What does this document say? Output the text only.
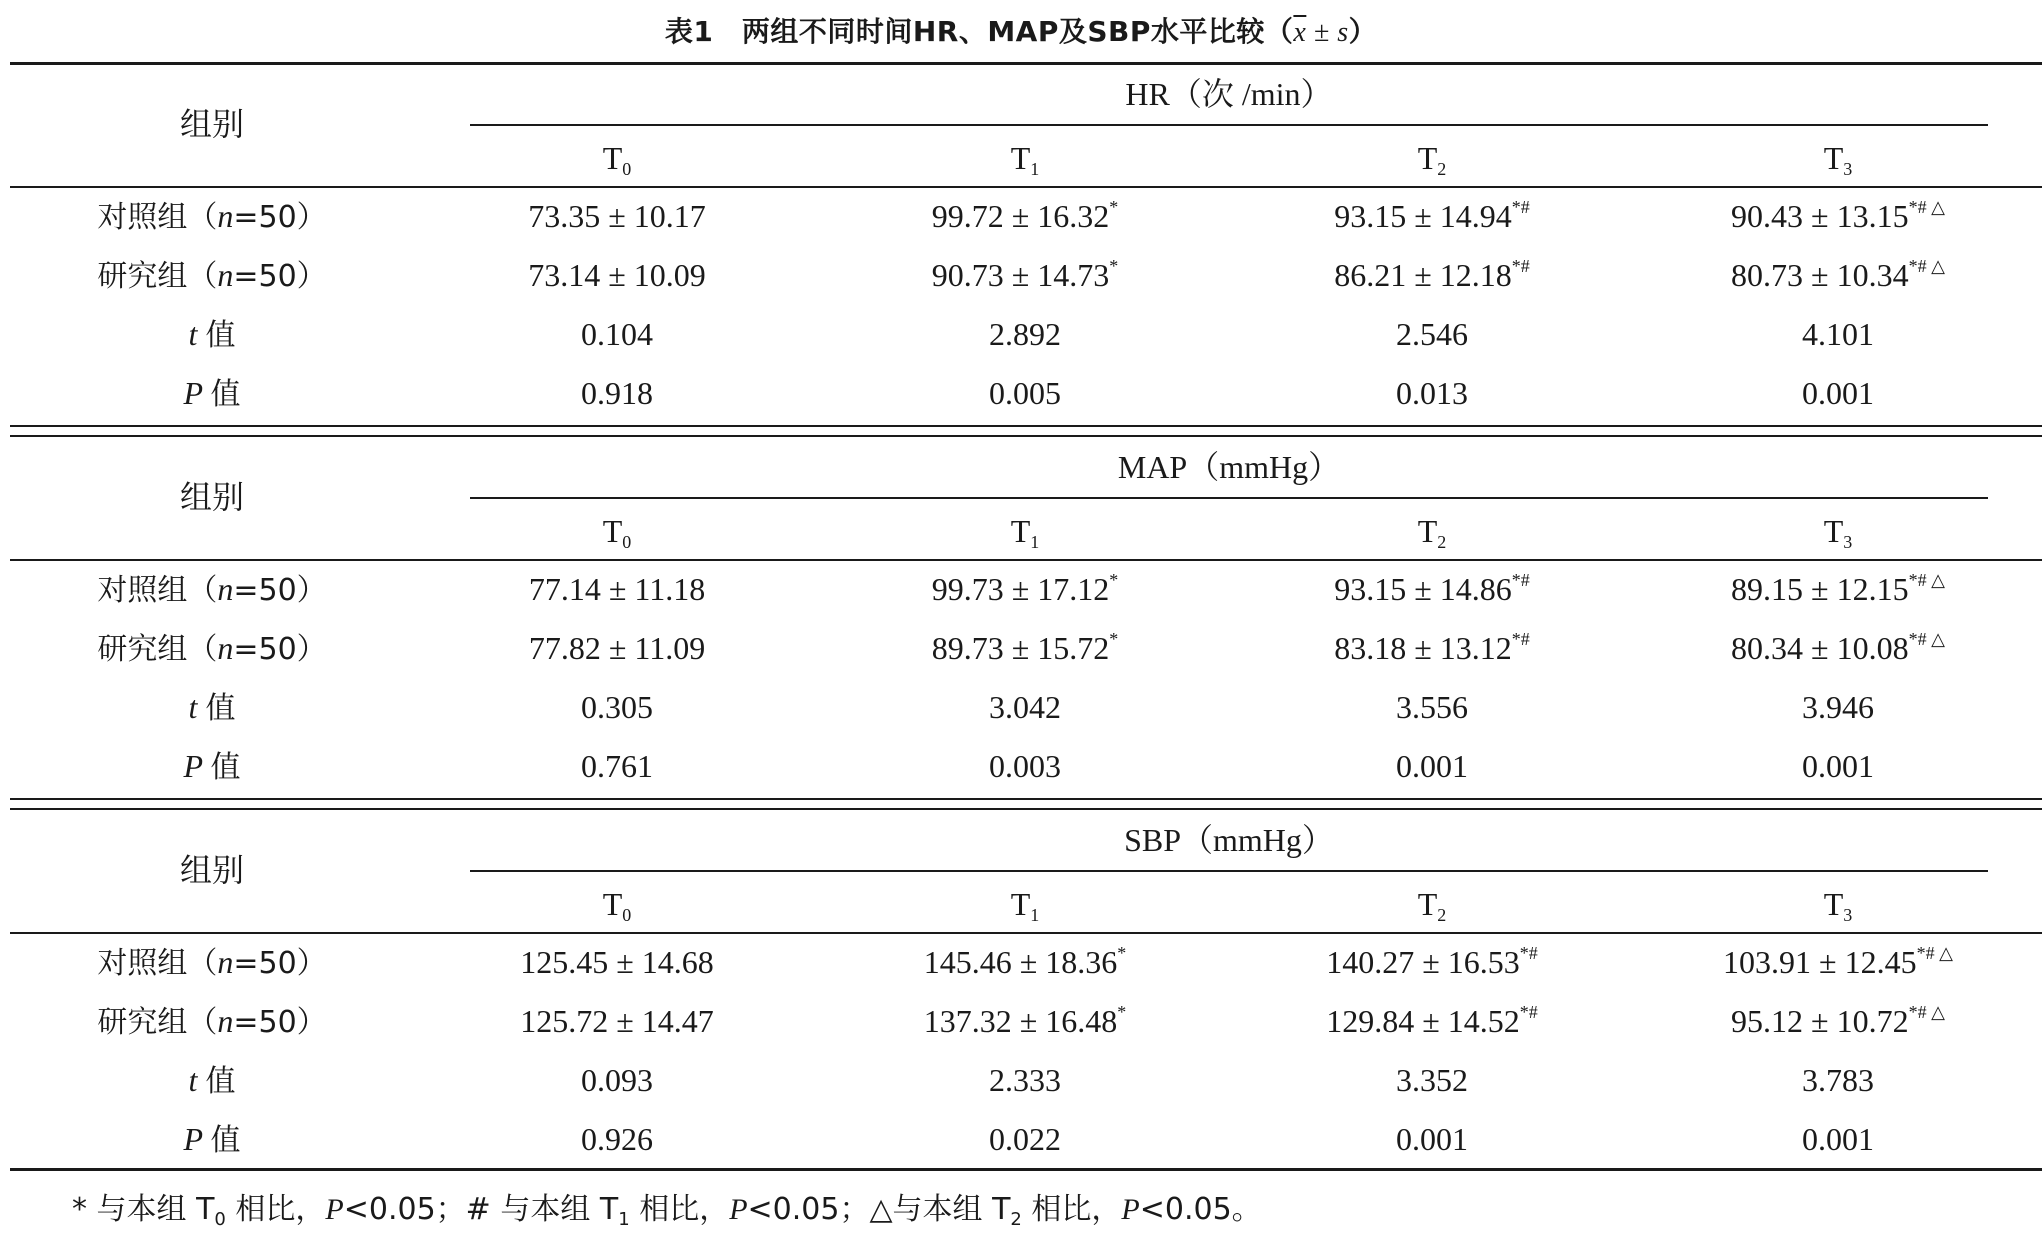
表1　两组不同时间HR、MAP及SBP水平比较$(\overline{x} \pm s)$
组别
HR（次 /min）
$T_0$	$T_1$	$T_2$	$T_3$
对照组（n=50）	73.35 ± 10.17	99.72 ± 16.32*	93.15 ± 14.94*#	90.43 ± 13.15*# △
研究组（n=50）	73.14 ± 10.09	90.73 ± 14.73*	86.21 ± 12.18*#	80.73 ± 10.34*# △
t 值	0.104	2.892	2.546	4.101
P 值	0.918	0.005	0.013	0.001
组别
MAP（mmHg）
$T_0$	$T_1$	$T_2$	$T_3$
对照组（n=50）	77.14 ± 11.18	99.73 ± 17.12*	93.15 ± 14.86*#	89.15 ± 12.15*# △
研究组（n=50）	77.82 ± 11.09	89.73 ± 15.72*	83.18 ± 13.12*#	80.34 ± 10.08*# △
t 值	0.305	3.042	3.556	3.946
P 值	0.761	0.003	0.001	0.001
组别
SBP（mmHg）
$T_0$	$T_1$	$T_2$	$T_3$
对照组（n=50）	125.45 ± 14.68	145.46 ± 18.36*	140.27 ± 16.53*#	103.91 ± 12.45*# △
研究组（n=50）	125.72 ± 14.47	137.32 ± 16.48*	129.84 ± 14.52*#	95.12 ± 10.72*# △
t 值	0.093	2.333	3.352	3.783
P 值	0.926	0.022	0.001	0.001
* 与本组 $T_0$ 相比，P<0.05；# 与本组 $T_1$ 相比，P<0.05；△与本组 $T_2$ 相比，P<0.05。
